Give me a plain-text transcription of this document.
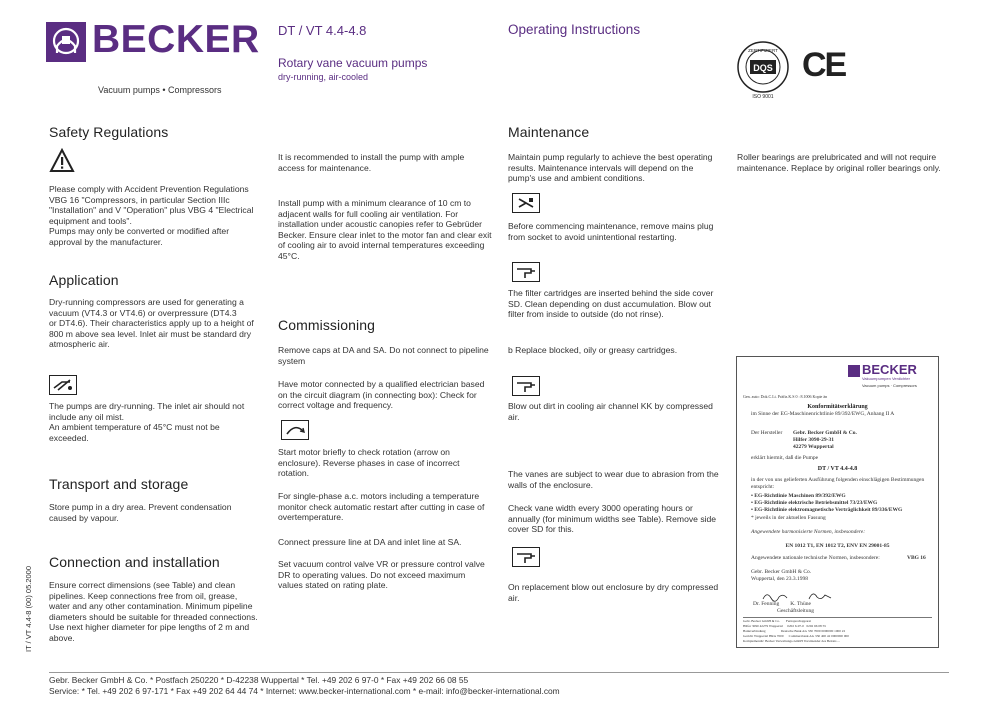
BECKER
Vacuum pumps • Compressors
DT / VT 4.4-4.8
Rotary vane vacuum pumps
dry-running, air-cooled
Operating Instructions
DQS
ZERTIFIZIERT
ISO 9001
CE
IT / VT 4.4-8 (00) 05.2000
Safety Regulations
Please comply with Accident Prevention Regulations VBG 16 "Compressors, in particular Section IIIc "Installation" and V "Operation" plus VBG 4 "Electrical equipment and tools".
Pumps may only be converted or modified after approval by the manufacturer.
Application
Dry-running compressors are used for generating a vacuum (VT4.3 or VT4.6) or overpressure (DT4.3
or DT4.6). Their characteristics apply up to a height of 800 m above sea level. Inlet air must be standard dry atmospheric air.
The pumps are dry-running. The inlet air should not include any oil mist.
An ambient temperature of 45°C must not be exceeded.
Transport and storage
Store pump in a dry area. Prevent condensation caused by vapour.
Connection and installation
Ensure correct dimensions (see Table) and clean pipelines. Keep connections free from oil, grease, water and any other contamination. Minimum pipeline diameters should be suitable for threaded connections. Use next higher diameter for pipe lengths of 2 m and above.
It is recommended to install the pump with ample access for maintenance.
Install pump with a minimum clearance of 10 cm to
adjacent walls for full cooling air ventilation. For installation under acoustic canopies refer to Gebrüder Becker. Ensure clear inlet to the motor fan and clear exit of cooling air to avoid internal temperatures exceeding 45°C.
Commissioning
Remove caps at DA and SA. Do not connect to pipeline system
Have motor connected by a qualified electrician based on the circuit diagram (in connecting box): Check for correct voltage and frequency.
Start motor briefly to check rotation (arrow on enclosure). Reverse phases in case of incorrect rotation.
For single-phase a.c. motors including a temperature monitor check automatic restart after cutting in case of overtemperature.
Connect pressure line at DA and inlet line at SA.
Set vacuum control valve VR or pressure control valve DR to operating values. Do not exceed maximum values stated on rating plate.
Maintenance
Maintain pump regularly to achieve the best operating results. Maintenance intervals will depend on the pump's use and ambient conditions.
Before commencing maintenance, remove mains plug from socket to avoid unintentional restarting.
The filter cartridges are inserted behind the side cover SD. Clean depending on dust accumulation. Blow out filter from inside to outside (do not rinse).
b Replace blocked, oily or greasy cartridges.
Blow out dirt in cooling air channel KK by compressed air.
The vanes are subject to wear due to abrasion from the walls of the enclosure.
Check vane width every 3000 operating hours or annually (for minimum widths see Table). Remove side cover SD for this.
On replacement blow out enclosure by dry compressed air.
Roller bearings are prelubricated and will not require maintenance. Replace by original roller bearings only.
BECKER
Vakuumpumpen Verdichter
Vacuum pumps · Compressors
Gen. auto: Dok.C.Lt. Präfiz.K.S 0 : 8.1006 Kopie än
Konformitätserklärung
im Sinne der EG-Maschinenrichtlinie 89/392/EWG, Anhang II A
Der Hersteller Gebr. Becker GmbH & Co.
Hilfer 3090-29-31
42279 Wuppertal
erklärt hiermit, daß die Pumpe
DT / VT 4.4-4.8
in der von uns gelieferten Ausführung folgenden einschlägigen Bestimmungen entspricht:
• EG-Richtlinie Maschinen 89/392/EWG
• EG-Richtlinie elektrische Betriebsmittel 73/23/EWG
• EG-Richtlinie elektromagnetische Verträglichkeit 89/336/EWG
* jeweils in der aktuellen Fassung
Angewendete harmonisierte Normen, insbesondere:
EN 1012 T1, EN 1012 T2, ENV EN 29001-85
Angewendete nationale technische Normen, insbesondere:	VBG 16
Gebr. Becker GmbH & Co.
Wuppertal, den 23.3.1998
Dr. Fenning        K. Thüne
Geschäftsleitung
Gebr. Becker GmbH & Co.       Fernsprechapparat
Hilfer 3090 42279 Wuppertal     0202 6-97-0   0202 66 08 55
Bankverbindung                  Deutsche Bank AG 330 7000 0000000 1000 22
Gericht Wuppertal HRA 7000      Commerzbank AG 330 400 42 0000000 000
Komplementär: Becker Verwaltungs-GmbH Vorsitzender des Beirats ...
Gebr. Becker GmbH & Co. * Postfach 250220 * D-42238 Wuppertal * Tel. +49 202 6 97-0 * Fax +49 202 66 08 55
Service: * Tel. +49 202 6 97-171 * Fax +49 202 64 44 74 * Internet: www.becker-international.com * e-mail: info@becker-international.com
